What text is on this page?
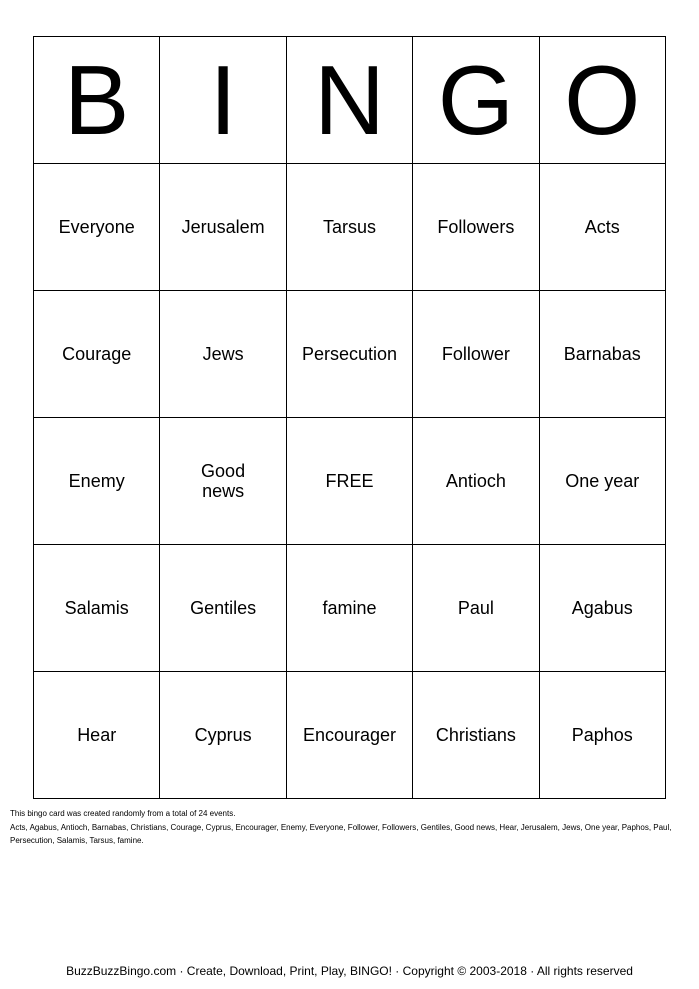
B	I	N	G	O
Everyone	Jerusalem	Tarsus	Followers	Acts
Courage	Jews	Persecution	Follower	Barnabas
Enemy	Good news	FREE	Antioch	One year
Salamis	Gentiles	famine	Paul	Agabus
Hear	Cyprus	Encourager	Christians	Paphos

This bingo card was created randomly from a total of 24 events.

Acts, Agabus, Antioch, Barnabas, Christians, Courage, Cyprus, Encourager, Enemy, Everyone, Follower, Followers, Gentiles, Good news, Hear, Jerusalem, Jews, One year, Paphos, Paul, Persecution, Salamis, Tarsus, famine.

BuzzBuzzBingo.com · Create, Download, Print, Play, BINGO! · Copyright © 2003-2018 · All rights reserved
